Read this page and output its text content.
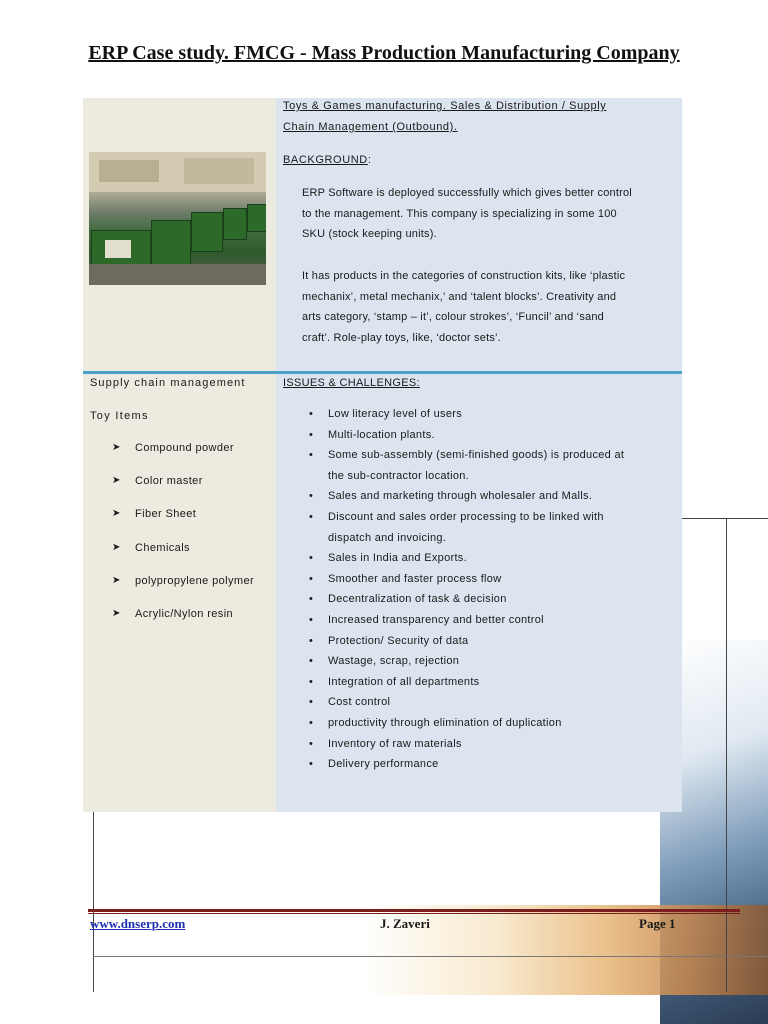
ERP Case study. FMCG - Mass Production Manufacturing Company
Toys & Games manufacturing. Sales & Distribution / Supply
Chain Management (Outbound).
BACKGROUND:
ERP Software is deployed successfully which gives better control
to the management. This company is specializing in some 100
SKU (stock keeping units).
It has products in the categories of construction kits, like ‘plastic
mechanix’, metal mechanix,’ and ‘talent blocks’. Creativity and
arts category, ‘stamp – it’, colour strokes’, ‘Funcil’ and ‘sand
craft’. Role-play toys, like, ‘doctor sets’.
Supply chain management
Toy Items
➤ Compound powder
➤ Color master
➤ Fiber Sheet
➤ Chemicals
➤ polypropylene polymer
➤ Acrylic/Nylon resin
ISSUES & CHALLENGES:
• Low literacy level of users
• Multi-location plants.
• Some sub-assembly (semi-finished goods) is produced at
the sub-contractor location.
• Sales and marketing through wholesaler and Malls.
• Discount and sales order processing to be linked with
dispatch and invoicing.
• Sales in India and Exports.
• Smoother and faster process flow
• Decentralization of task & decision
• Increased transparency and better control
• Protection/ Security of data
• Wastage, scrap, rejection
• Integration of all departments
• Cost control
• productivity through elimination of duplication
• Inventory of raw materials
• Delivery performance
www.dnserp.com	J. Zaveri	Page 1
